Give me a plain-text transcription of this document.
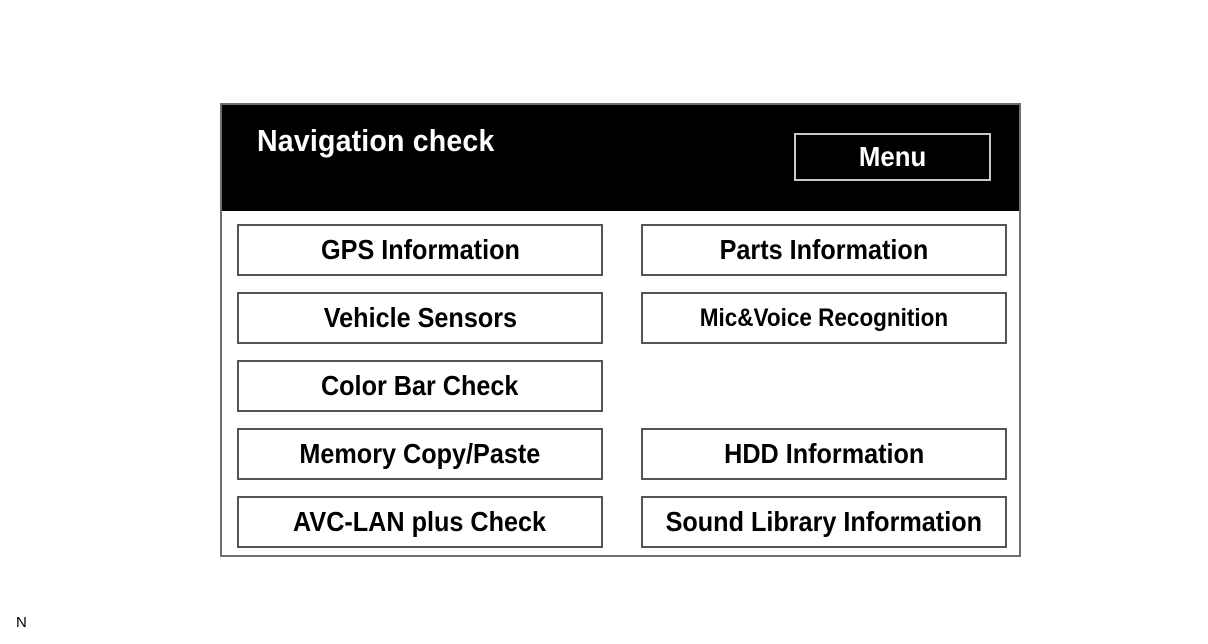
Navigation check	Menu
GPS Information	Parts Information
Vehicle Sensors	Mic&Voice Recognition
Color Bar Check
Memory Copy/Paste	HDD Information
AVC-LAN plus Check	Sound Library Information
N
